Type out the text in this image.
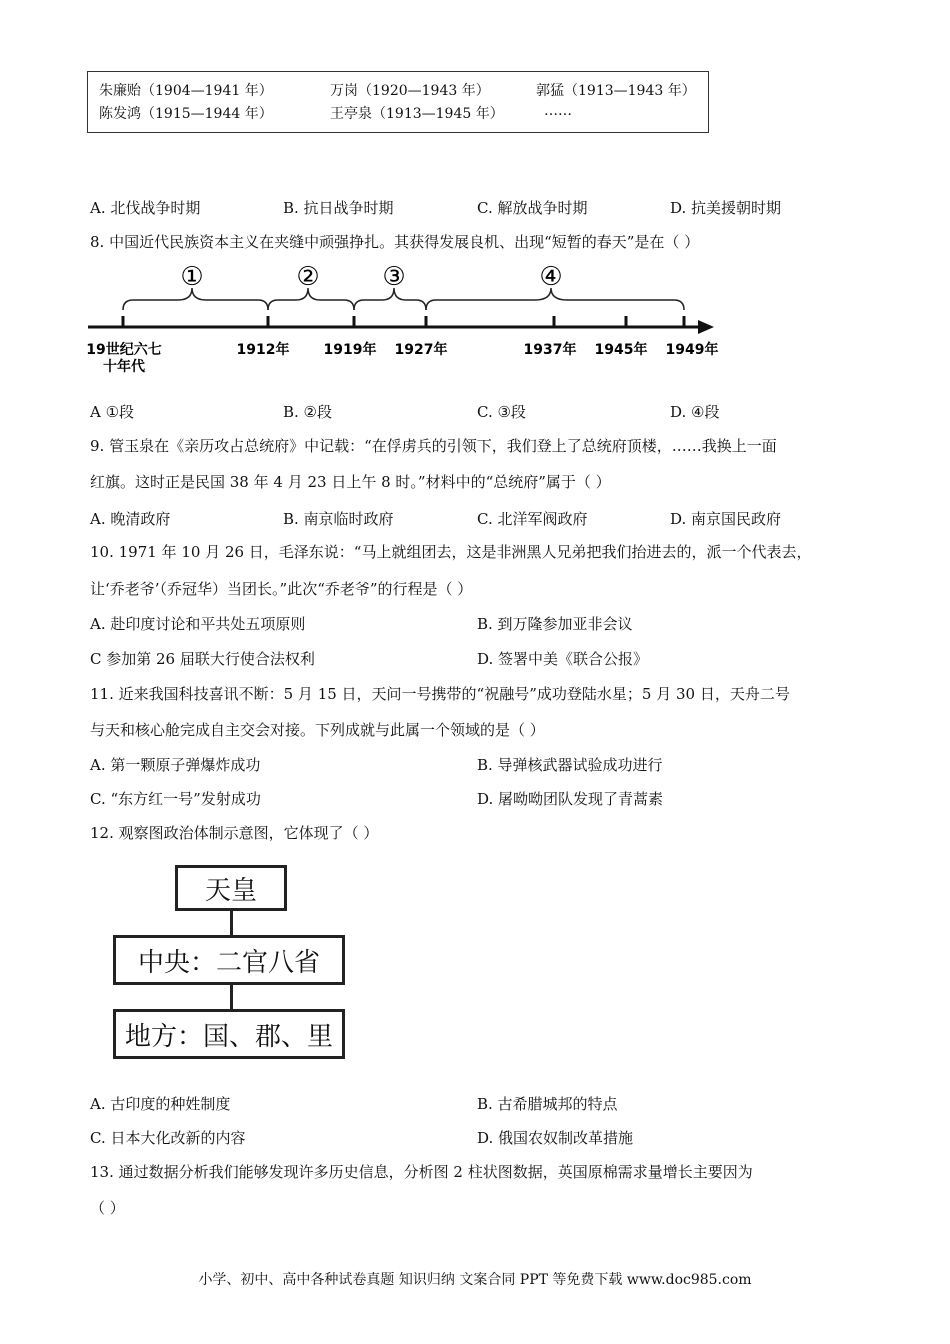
朱廉贻（1904—1941 年）	万岗（1920—1943 年）	郭猛（1913—1943 年）
陈发鸿（1915—1944 年）	王亭泉（1913—1945 年）	……
A. 北伐战争时期	B. 抗日战争时期	C. 解放战争时期	D. 抗美援朝时期
8. 中国近代民族资本主义在夹缝中顽强挣扎。其获得发展良机、出现“短暂的春天”是在（ ）
①	② ③	④
19世纪六七
十年代
1912年 1919年 1927年	1937年 1945年 1949年
A ①段	B. ②段	C. ③段	D. ④段
9. 管玉泉在《亲历攻占总统府》中记载：“在俘虏兵的引领下，我们登上了总统府顶楼，……我换上一面
红旗。这时正是民国 38 年 4 月 23 日上午 8 时。”材料中的“总统府”属于（ ）
A. 晚清政府	B. 南京临时政府	C. 北洋军阀政府	D. 南京国民政府
10. 1971 年 10 月 26 日，毛泽东说：“马上就组团去，这是非洲黑人兄弟把我们抬进去的，派一个代表去，
让‘乔老爷’（乔冠华）当团长。”此次“乔老爷”的行程是（ ）
A. 赴印度讨论和平共处五项原则	B. 到万隆参加亚非会议
C 参加第 26 届联大行使合法权利	D. 签署中美《联合公报》
11. 近来我国科技喜讯不断：5 月 15 日，天问一号携带的“祝融号”成功登陆水星；5 月 30 日，天舟二号
与天和核心舱完成自主交会对接。下列成就与此属一个领域的是（ ）
A. 第一颗原子弹爆炸成功	B. 导弹核武器试验成功进行
C. “东方红一号”发射成功	D. 屠呦呦团队发现了青蒿素
12. 观察图政治体制示意图，它体现了（ ）
天皇
中央：二官八省
地方：国、郡、里
A. 古印度的种姓制度	B. 古希腊城邦的特点
C. 日本大化改新的内容	D. 俄国农奴制改革措施
13. 通过数据分析我们能够发现许多历史信息，分析图 2 柱状图数据，英国原棉需求量增长主要因为
（ ）
小学、初中、高中各种试卷真题 知识归纳 文案合同 PPT 等免费下载 www.doc985.com
